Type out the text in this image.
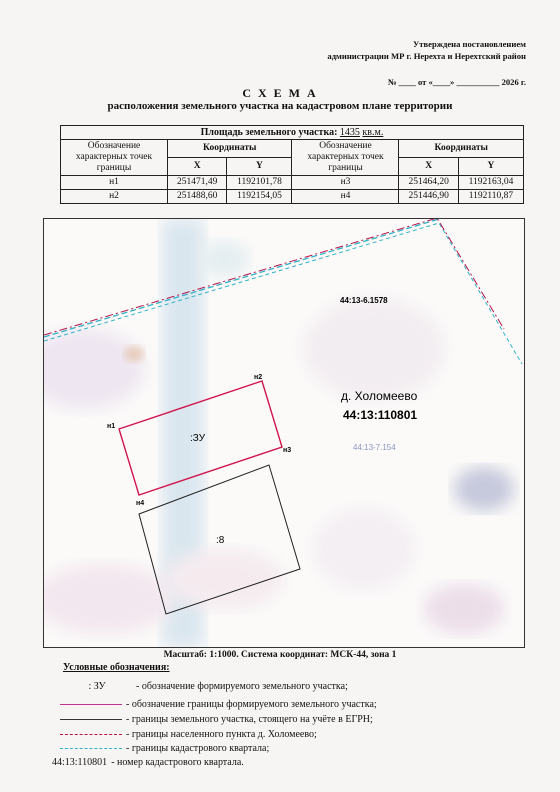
Утверждена постановлением
администрации МР г. Нерехта и Нерехтский район
№ ____ от «____» __________ 2026 г.
С Х Е М А
расположения земельного участка на кадастровом плане территории
Площадь земельного участка: 1435 кв.м.					
Обозначение характерных точек границы	Координаты		Обозначение характерных точек границы	Координаты	
	X	Y		X	Y
н1	251471,49	1192101,78	н3	251464,20	1192163,04
н2	251488,60	1192154,05	н4	251446,90	1192110,87
:ЗУ
:8
н1
н2
н3
н4
44:13-6.1578
д. Холомеево
44:13:110801
44:13-7.154
Масштаб: 1:1000. Система координат: МСК-44, зона 1
Условные обозначения:
: ЗУ	- обозначение формируемого земельного участка;
- обозначение границы формируемого земельного участка;
- границы земельного участка, стоящего на учёте в ЕГРН;
- границы населенного пункта д. Холомеево;
- границы кадастрового квартала;
44:13:110801 - номер кадастрового квартала.
